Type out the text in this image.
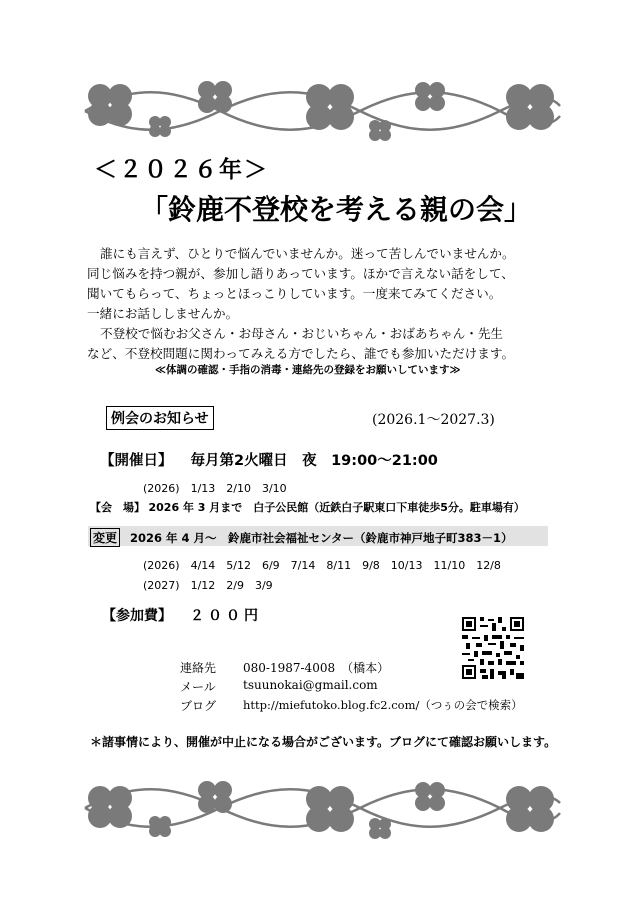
＜２０２６年＞
「鈴鹿不登校を考える親の会」
誰にも言えず、ひとりで悩んでいませんか。迷って苦しんでいませんか。
同じ悩みを持つ親が、参加し語りあっています。ほかで言えない話をして、
聞いてもらって、ちょっとほっこりしています。一度来てみてください。
一緒にお話ししませんか。
不登校で悩むお父さん・お母さん・おじいちゃん・おばあちゃん・先生
など、不登校問題に関わってみえる方でしたら、誰でも参加いただけます。
≪体調の確認・手指の消毒・連絡先の登録をお願いしています≫
例会のお知らせ	(2026.1～2027.3)
【開催日】 毎月第2火曜日　夜　19:00～21:00
(2026)　1/13　2/10　3/10
【会　場】 2026 年 3 月まで　白子公民館（近鉄白子駅東口下車徒歩5分。駐車場有）
変更 2026 年 4 月～　鈴鹿市社会福祉センター（鈴鹿市神戸地子町383－1）
(2026)　4/14　5/12　6/9　7/14　8/11　9/8　10/13　11/10　12/8
(2027)　1/12　2/9　3/9
【参加費】 ２００円
連絡先 080-1987-4008　（橋本）
メール tsuunokai@gmail.com
ブログ http://miefutoko.blog.fc2.com/（つぅの会で検索）
＊諸事情により、開催が中止になる場合がございます。ブログにて確認お願いします。
